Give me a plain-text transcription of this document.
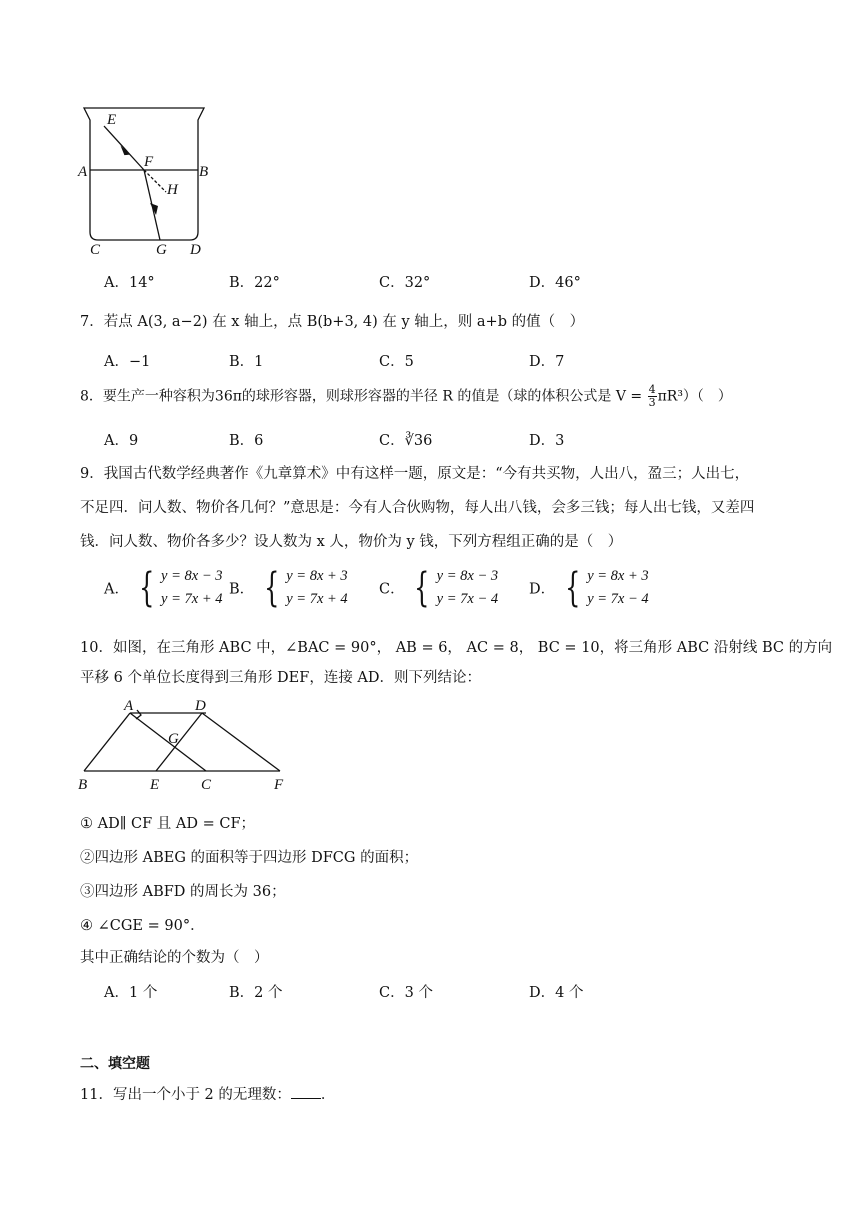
E
F
A	B
H
C	G D
A．14°	B．22°	C．32°	D．46°
7．若点 A(3, a−2) 在 x 轴上，点 B(b+3, 4) 在 y 轴上，则 a+b 的值（　）
A．−1	B．1	C．5	D．7
8．要生产一种容积为36π的球形容器，则球形容器的半径 R 的值是（球的体积公式是 $V = \frac{4}{3} \pi R^3$）（　）
A．9	B．6	C．∛36	D．3
9．我国古代数学经典著作《九章算术》中有这样一题，原文是：“今有共买物，人出八，盈三；人出七，
不足四．问人数、物价各几何？”意思是：今有人合伙购物，每人出八钱，会多三钱；每人出七钱，又差四
钱．问人数、物价各多少？设人数为 x 人，物价为 y 钱，下列方程组正确的是（　）
A． { y = 8x − 3
y = 7x + 4
B． { y = 8x + 3
y = 7x + 4
C． { y = 8x − 3
y = 7x − 4
D． { y = 8x + 3
y = 7x − 4
10．如图，在三角形 ABC 中，∠BAC = 90°， AB = 6， AC = 8， BC = 10，将三角形 ABC 沿射线 BC 的方向
平移 6 个单位长度得到三角形 DEF，连接 AD．则下列结论：
A	D
G
B	E	C	F
① AD∥ CF 且 AD = CF；
②四边形 ABEG 的面积等于四边形 DFCG 的面积；
③四边形 ABFD 的周长为 36；
④ ∠CGE = 90°．
其中正确结论的个数为（　）
A．1 个	B．2 个	C．3 个	D．4 个
二、填空题
11．写出一个小于 2 的无理数： ．
